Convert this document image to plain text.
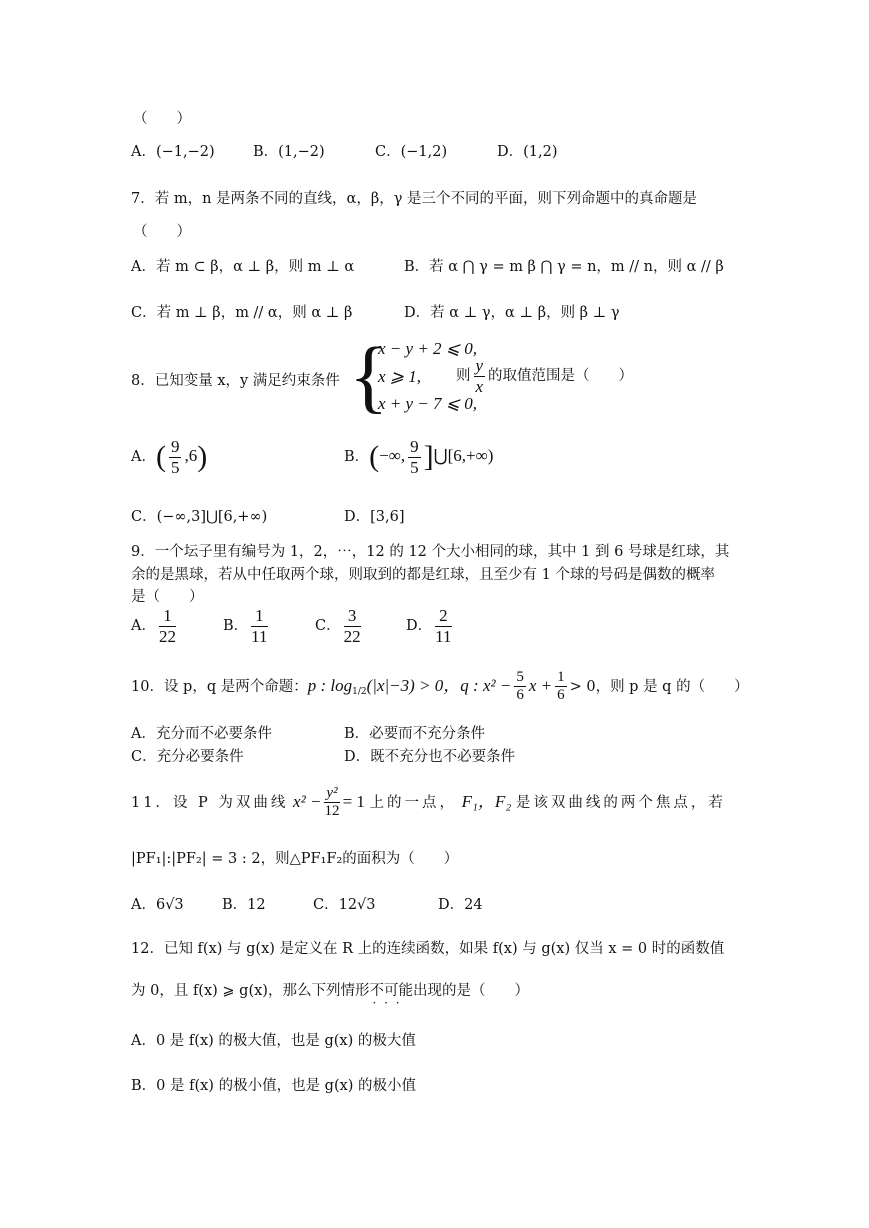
（　　）
A．(−1,−2)	B．(1,−2)	C．(−1,2)	D．(1,2)
7．若 m，n 是两条不同的直线，α，β，γ 是三个不同的平面，则下列命题中的真命题是
（　　）
A．若 m ⊂ β，α ⊥ β，则 m ⊥ α	B．若 α ⋂ γ = m β ⋂ γ = n，m // n，则 α // β
C．若 m ⊥ β，m // α，则 α ⊥ β	D．若 α ⊥ γ，α ⊥ β，则 β ⊥ γ
8．已知变量 x，y 满足约束条件 {
x − y + 2 ⩽ 0,
x ⩾ 1,
x + y − 7 ⩽ 0,
则 $\frac{y}{x}$ 的取值范围是（　　）
A．( $\frac{9}{5} ,6$)	B．(−∞, $\frac{9}{5}$ ]⋃[6,+∞)
C．(−∞,3]⋃[6,+∞)	D．[3,6]
9．一个坛子里有编号为 1，2，⋯，12 的 12 个大小相同的球，其中 1 到 6 号球是红球，其
余的是黑球，若从中任取两个球，则取到的都是红球，且至少有 1 个球的号码是偶数的概率
是（　　）
A． $\frac{1}{22}$	B． $\frac{1}{11}$	C． $\frac{3}{22}$	D． $\frac{2}{11}$
10．设 p，q 是两个命题：p : $\log_{1/2}(|x|-3) > 0$，q : $x^2 - \frac{5}{6}$ $x + \frac{1}{6} > 0$，则 p 是 q 的（　　）
A．充分而不必要条件	B．必要而不充分条件
C．充分必要条件	D．既不充分也不必要条件
11．设 P 为双曲线 $x^2 - \frac{\text{y²}}{12} = 1$ 上的一点， F₁，F₂ 是该双曲线的两个焦点，若
|PF₁|:|PF₂| = 3 : 2，则△PF₁F₂的面积为（　　）
A．6√3	B．12	C．12√3	D．24
12．已知 f(x) 与 g(x) 是定义在 R 上的连续函数，如果 f(x) 与 g(x) 仅当 x = 0 时的函数值
为 0，且 f(x) ⩾ g(x)，那么下列情形不可能 · · ·出现的是（　　）
A．0 是 f(x) 的极大值，也是 g(x) 的极大值
B．0 是 f(x) 的极小值，也是 g(x) 的极小值
